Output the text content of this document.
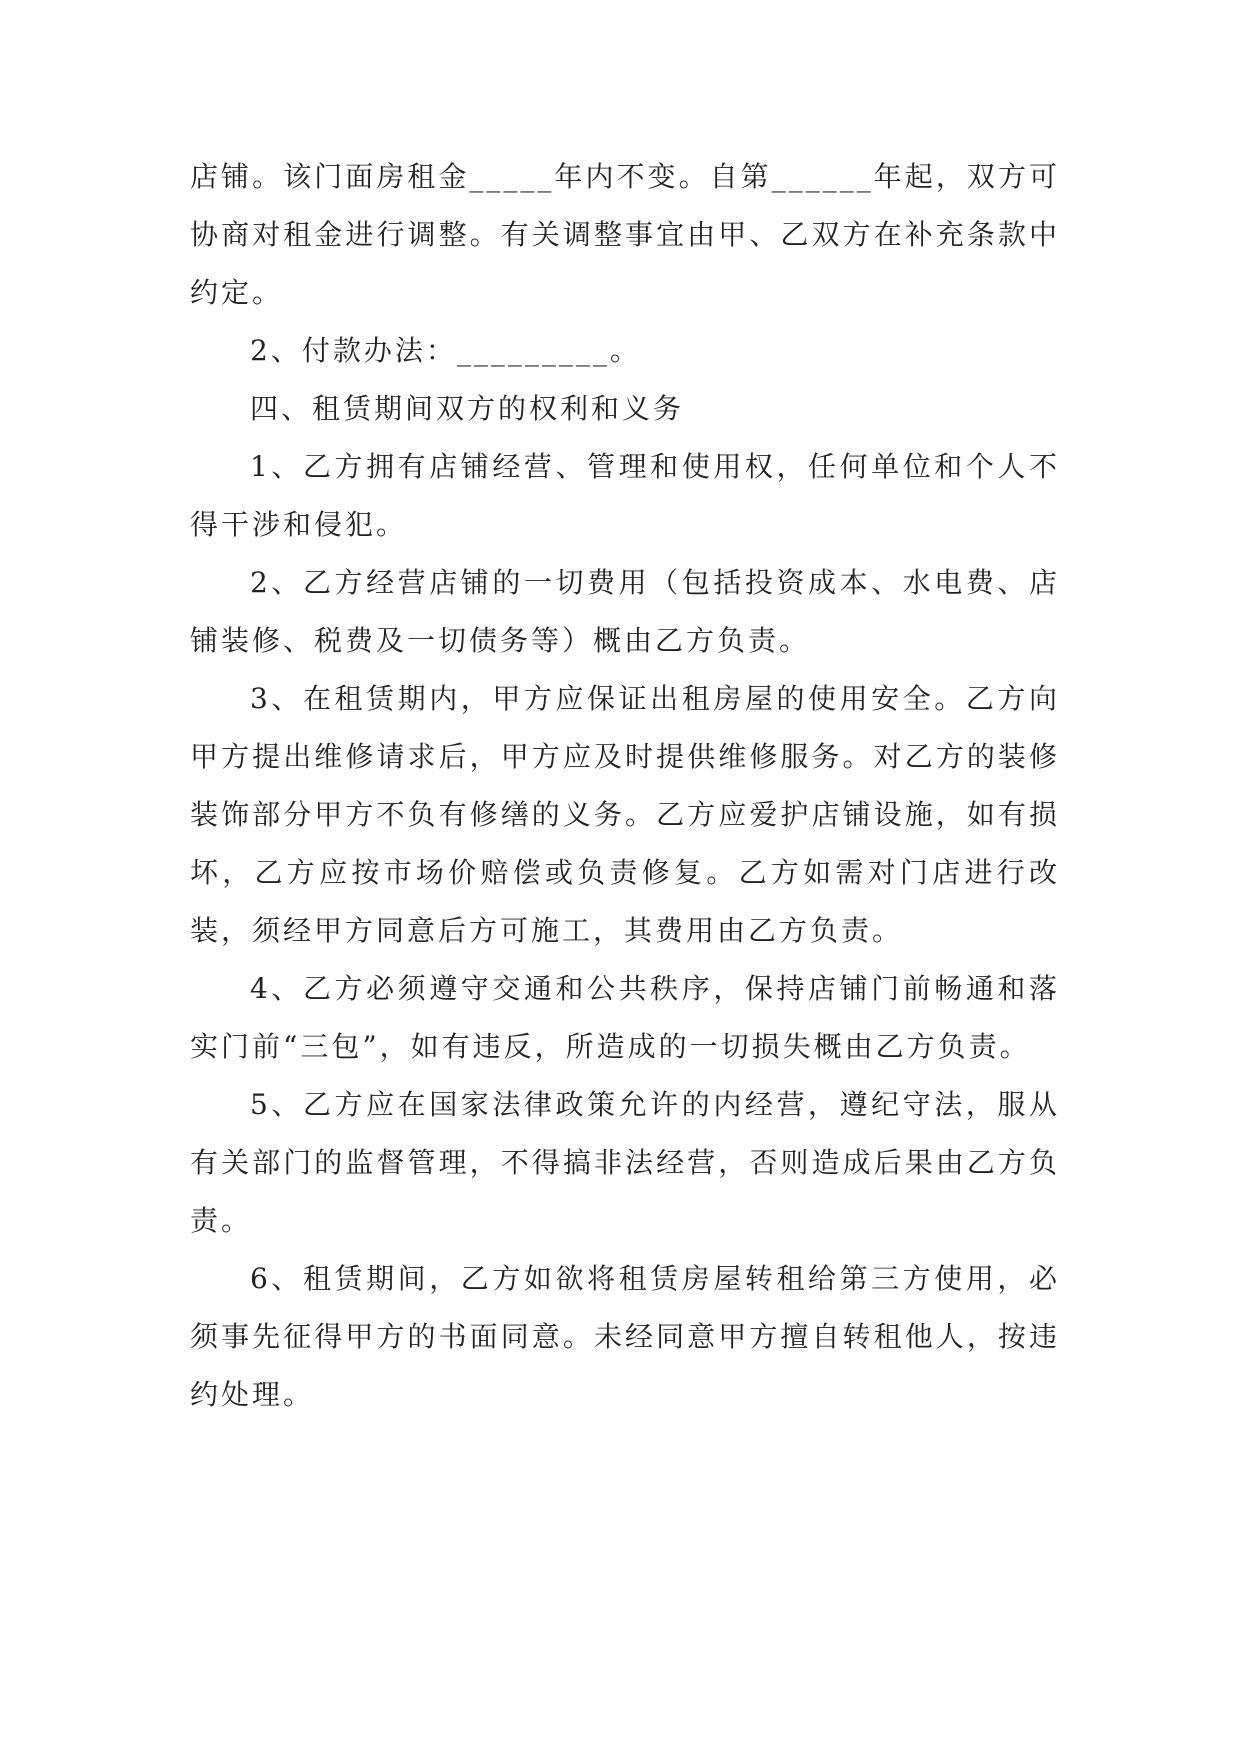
店铺。该门面房租金_____年内不变。自第______年起，双方可协商对租金进行调整。有关调整事宜由甲、乙双方在补充条款中约定。

2、付款办法：_________。

四、租赁期间双方的权利和义务

1、乙方拥有店铺经营、管理和使用权，任何单位和个人不得干涉和侵犯。

2、乙方经营店铺的一切费用（包括投资成本、水电费、店铺装修、税费及一切债务等）概由乙方负责。

3、在租赁期内，甲方应保证出租房屋的使用安全。乙方向甲方提出维修请求后，甲方应及时提供维修服务。对乙方的装修装饰部分甲方不负有修缮的义务。乙方应爱护店铺设施，如有损坏，乙方应按市场价赔偿或负责修复。乙方如需对门店进行改装，须经甲方同意后方可施工，其费用由乙方负责。

4、乙方必须遵守交通和公共秩序，保持店铺门前畅通和落实门前“三包”，如有违反，所造成的一切损失概由乙方负责。

5、乙方应在国家法律政策允许的内经营，遵纪守法，服从有关部门的监督管理，不得搞非法经营，否则造成后果由乙方负责。

6、租赁期间，乙方如欲将租赁房屋转租给第三方使用，必须事先征得甲方的书面同意。未经同意甲方擅自转租他人，按违约处理。
